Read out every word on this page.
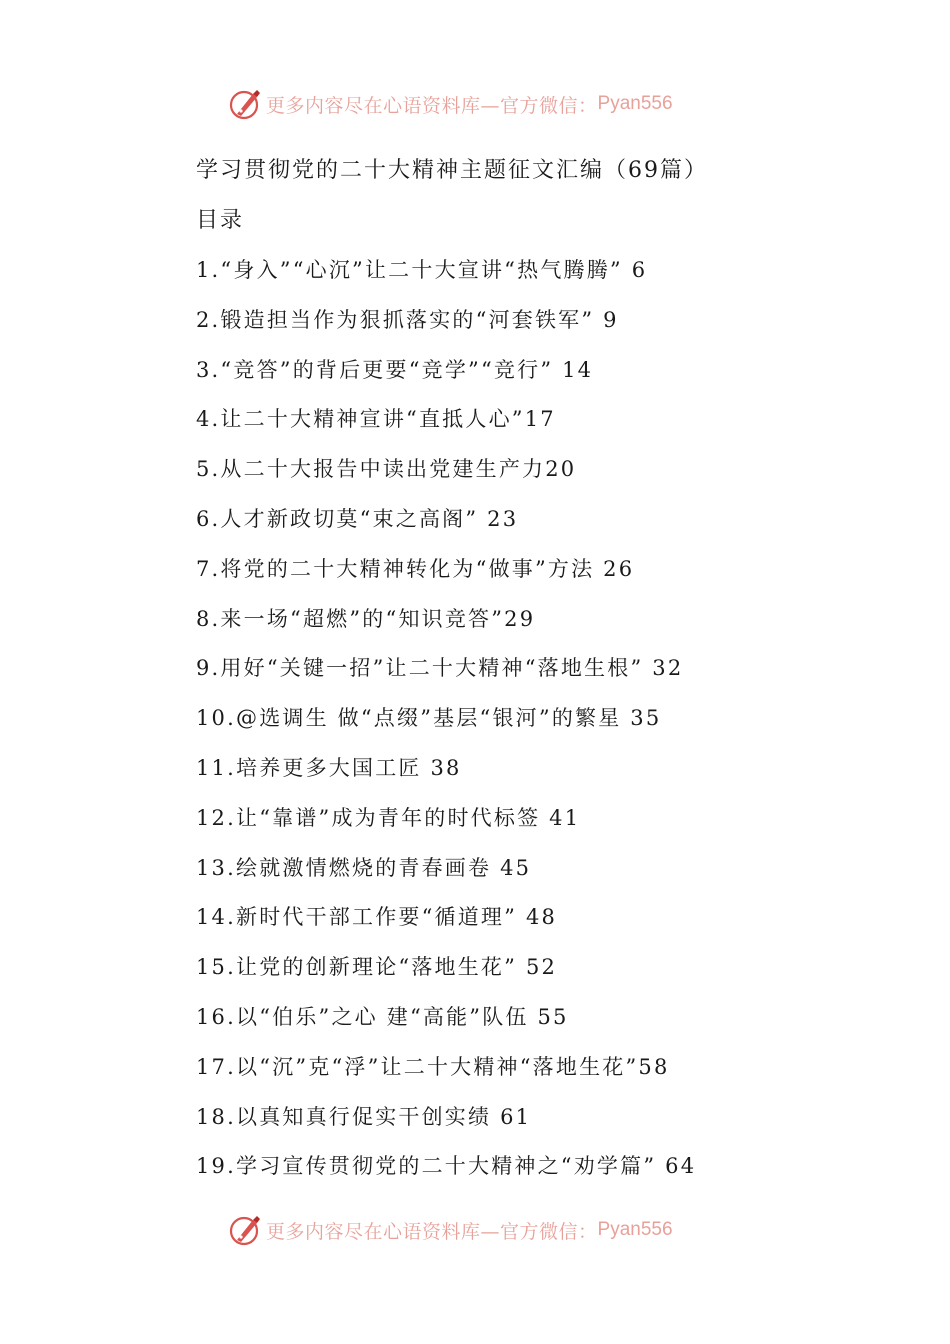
更多内容尽在心语资料库—官方微信： Pyan556
学习贯彻党的二十大精神主题征文汇编（69篇）
目录
1.“身入”“心沉”让二十大宣讲“热气腾腾” 6
2.锻造担当作为狠抓落实的“河套铁军” 9
3.“竞答”的背后更要“竞学”“竞行” 14
4.让二十大精神宣讲“直抵人心”17
5.从二十大报告中读出党建生产力20
6.人才新政切莫“束之高阁” 23
7.将党的二十大精神转化为“做事”方法 26
8.来一场“超燃”的“知识竞答”29
9.用好“关键一招”让二十大精神“落地生根” 32
10.@选调生 做“点缀”基层“银河”的繁星 35
11.培养更多大国工匠 38
12.让“靠谱”成为青年的时代标签 41
13.绘就激情燃烧的青春画卷 45
14.新时代干部工作要“循道理” 48
15.让党的创新理论“落地生花” 52
16.以“伯乐”之心 建“高能”队伍 55
17.以“沉”克“浮”让二十大精神“落地生花”58
18.以真知真行促实干创实绩 61
19.学习宣传贯彻党的二十大精神之“劝学篇” 64
更多内容尽在心语资料库—官方微信： Pyan556
